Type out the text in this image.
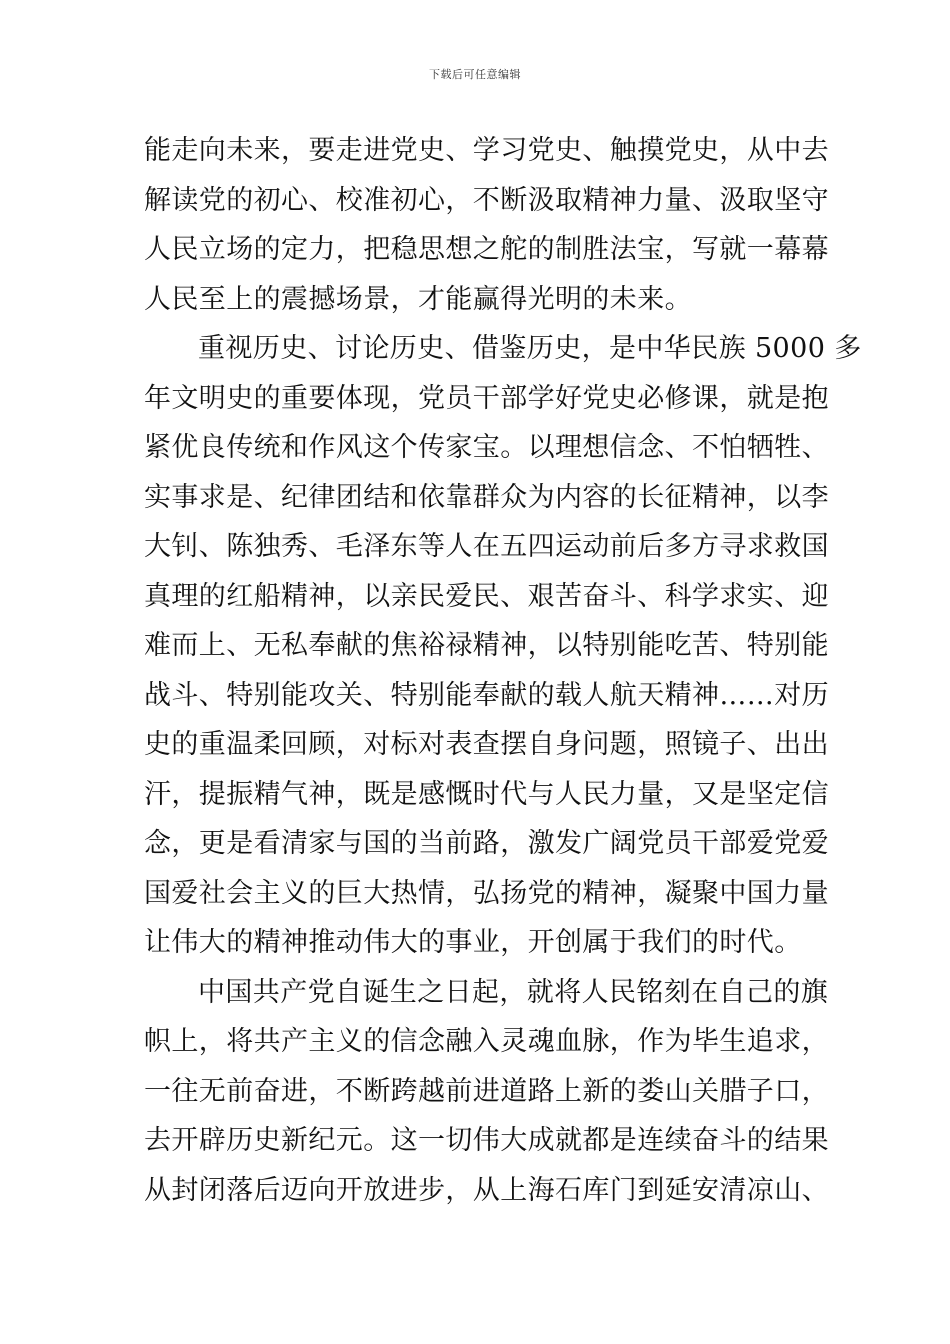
下载后可任意编辑
能走向未来，要走进党史、学习党史、触摸党史，从中去
解读党的初心、校准初心，不断汲取精神力量、汲取坚守
人民立场的定力，把稳思想之舵的制胜法宝，写就一幕幕
人民至上的震撼场景，才能赢得光明的未来。
重视历史、讨论历史、借鉴历史，是中华民族 5000 多
年文明史的重要体现，党员干部学好党史必修课，就是抱
紧优良传统和作风这个传家宝。以理想信念、不怕牺牲、
实事求是、纪律团结和依靠群众为内容的长征精神，以李
大钊、陈独秀、毛泽东等人在五四运动前后多方寻求救国
真理的红船精神，以亲民爱民、艰苦奋斗、科学求实、迎
难而上、无私奉献的焦裕禄精神，以特别能吃苦、特别能
战斗、特别能攻关、特别能奉献的载人航天精神……对历
史的重温柔回顾，对标对表查摆自身问题，照镜子、出出
汗，提振精气神，既是感慨时代与人民力量，又是坚定信
念，更是看清家与国的当前路，激发广阔党员干部爱党爱
国爱社会主义的巨大热情，弘扬党的精神，凝聚中国力量
让伟大的精神推动伟大的事业，开创属于我们的时代。
中国共产党自诞生之日起，就将人民铭刻在自己的旗
帜上，将共产主义的信念融入灵魂血脉，作为毕生追求，
一往无前奋进，不断跨越前进道路上新的娄山关腊子口，
去开辟历史新纪元。这一切伟大成就都是连续奋斗的结果
从封闭落后迈向开放进步，从上海石库门到延安清凉山、
